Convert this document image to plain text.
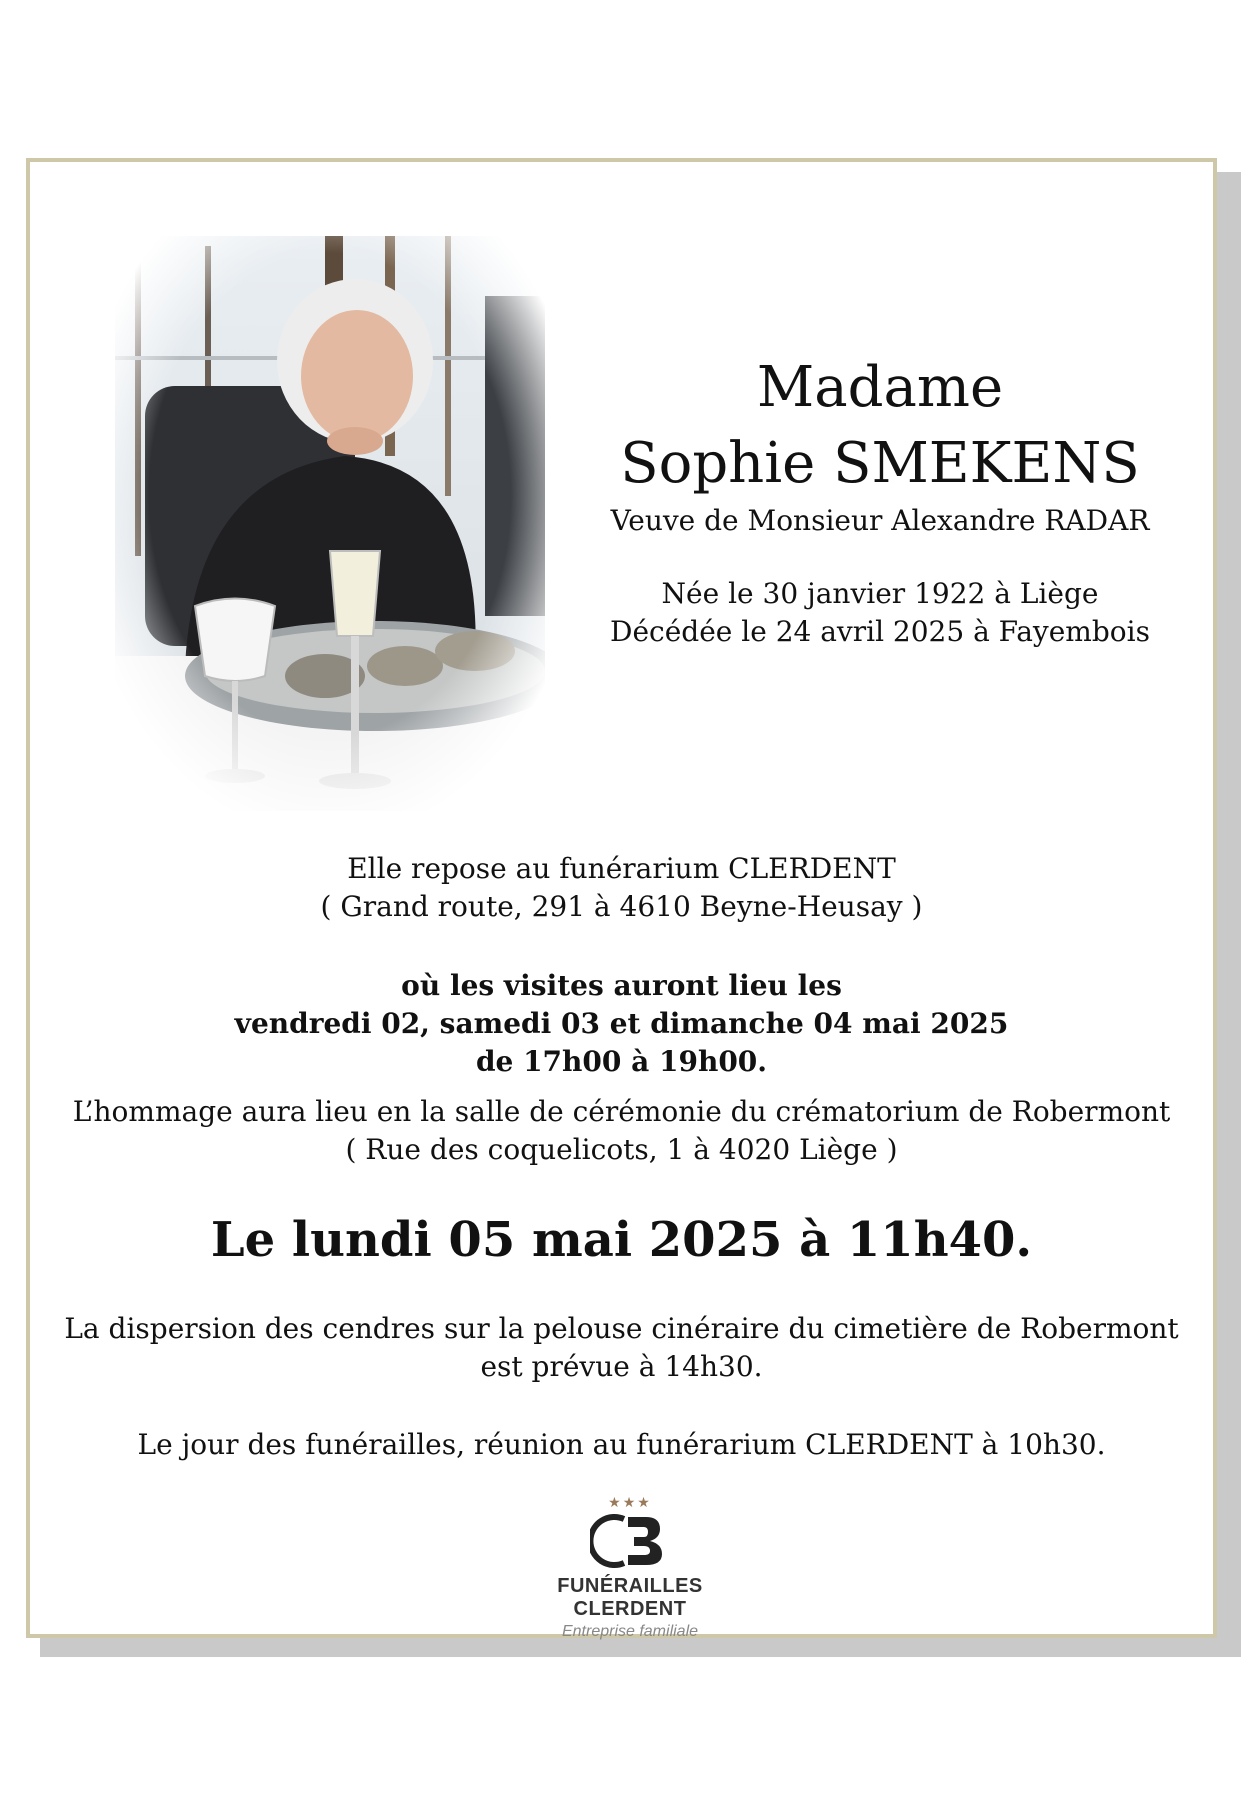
Madame
Sophie SMEKENS
Veuve de Monsieur Alexandre RADAR
Née le 30 janvier 1922 à Liège
Décédée le 24 avril 2025 à Fayembois
Elle repose au funérarium CLERDENT
( Grand route, 291 à 4610 Beyne-Heusay )
où les visites auront lieu les
vendredi 02, samedi 03 et dimanche 04 mai 2025
de 17h00 à 19h00.
L’hommage aura lieu en la salle de cérémonie du crématorium de Robermont
( Rue des coquelicots, 1 à 4020 Liège )
Le lundi 05 mai 2025 à 11h40.
La dispersion des cendres sur la pelouse cinéraire du cimetière de Robermont
est prévue à 14h30.
Le jour des funérailles, réunion au funérarium CLERDENT à 10h30.
★★★
FUNÉRAILLES CLERDENT
Entreprise familiale
